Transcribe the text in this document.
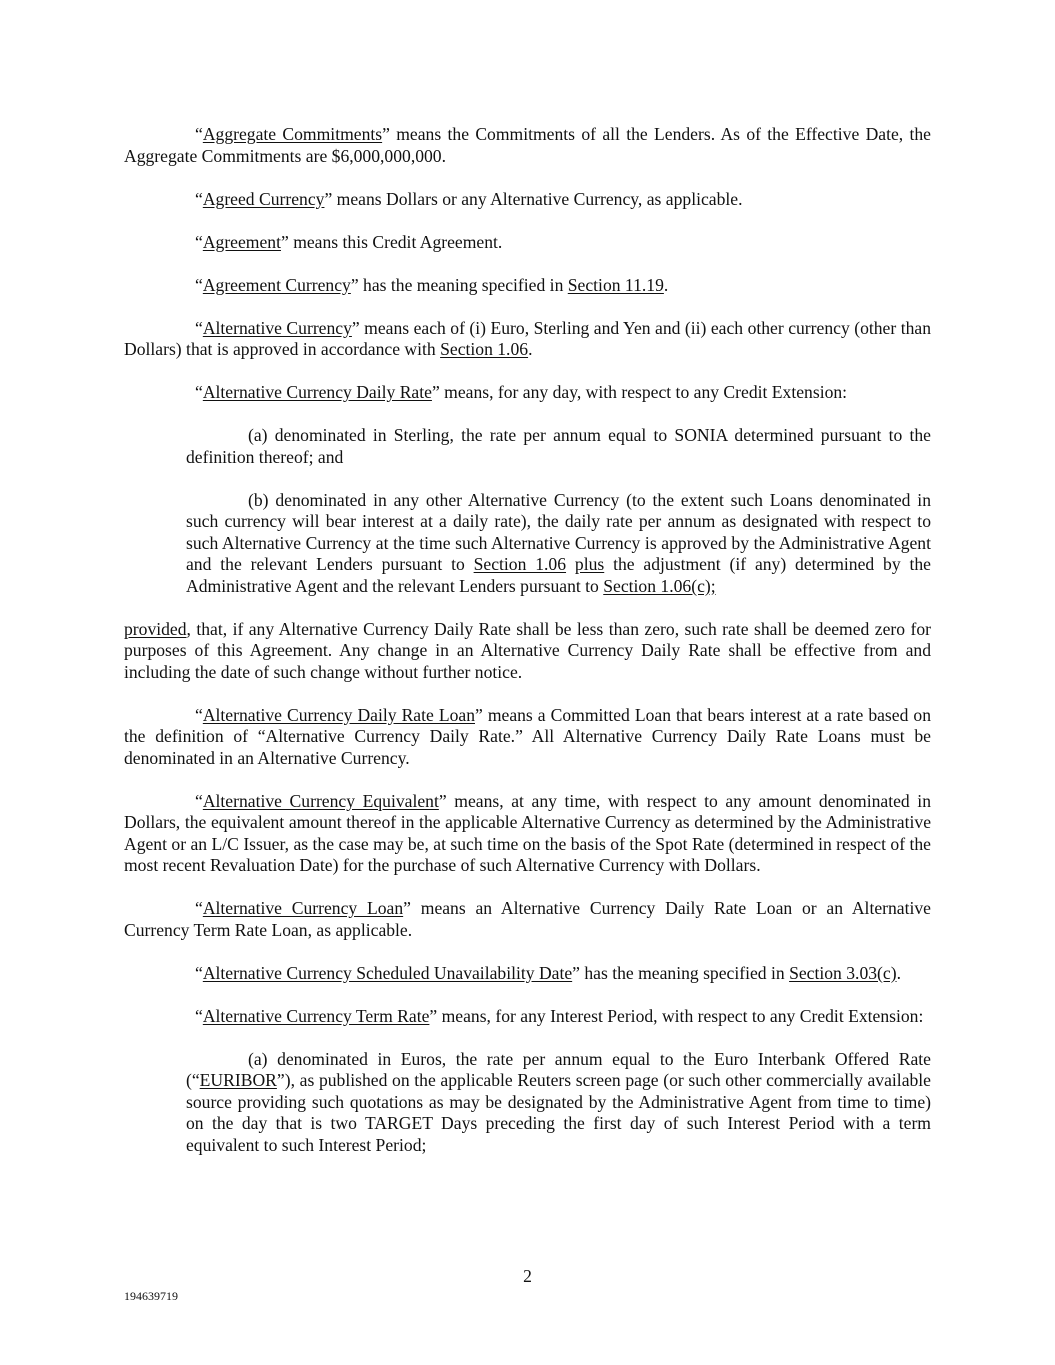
“Aggregate Commitments” means the Commitments of all the Lenders. As of the Effective Date, the Aggregate Commitments are $6,000,000,000.

“Agreed Currency” means Dollars or any Alternative Currency, as applicable.

“Agreement” means this Credit Agreement.

“Agreement Currency” has the meaning specified in Section 11.19.

“Alternative Currency” means each of (i) Euro, Sterling and Yen and (ii) each other currency (other than Dollars) that is approved in accordance with Section 1.06.

“Alternative Currency Daily Rate” means, for any day, with respect to any Credit Extension:

(a) denominated in Sterling, the rate per annum equal to SONIA determined pursuant to the definition thereof; and

(b) denominated in any other Alternative Currency (to the extent such Loans denominated in such currency will bear interest at a daily rate), the daily rate per annum as designated with respect to such Alternative Currency at the time such Alternative Currency is approved by the Administrative Agent and the relevant Lenders pursuant to Section 1.06 plus the adjustment (if any) determined by the Administrative Agent and the relevant Lenders pursuant to Section 1.06(c);

provided, that, if any Alternative Currency Daily Rate shall be less than zero, such rate shall be deemed zero for purposes of this Agreement. Any change in an Alternative Currency Daily Rate shall be effective from and including the date of such change without further notice.

“Alternative Currency Daily Rate Loan” means a Committed Loan that bears interest at a rate based on the definition of “Alternative Currency Daily Rate.” All Alternative Currency Daily Rate Loans must be denominated in an Alternative Currency.

“Alternative Currency Equivalent” means, at any time, with respect to any amount denominated in Dollars, the equivalent amount thereof in the applicable Alternative Currency as determined by the Administrative Agent or an L/C Issuer, as the case may be, at such time on the basis of the Spot Rate (determined in respect of the most recent Revaluation Date) for the purchase of such Alternative Currency with Dollars.

“Alternative Currency Loan” means an Alternative Currency Daily Rate Loan or an Alternative Currency Term Rate Loan, as applicable.

“Alternative Currency Scheduled Unavailability Date” has the meaning specified in Section 3.03(c).

“Alternative Currency Term Rate” means, for any Interest Period, with respect to any Credit Extension:

(a) denominated in Euros, the rate per annum equal to the Euro Interbank Offered Rate (“EURIBOR”), as published on the applicable Reuters screen page (or such other commercially available source providing such quotations as may be designated by the Administrative Agent from time to time) on the day that is two TARGET Days preceding the first day of such Interest Period with a term equivalent to such Interest Period;

2
194639719
